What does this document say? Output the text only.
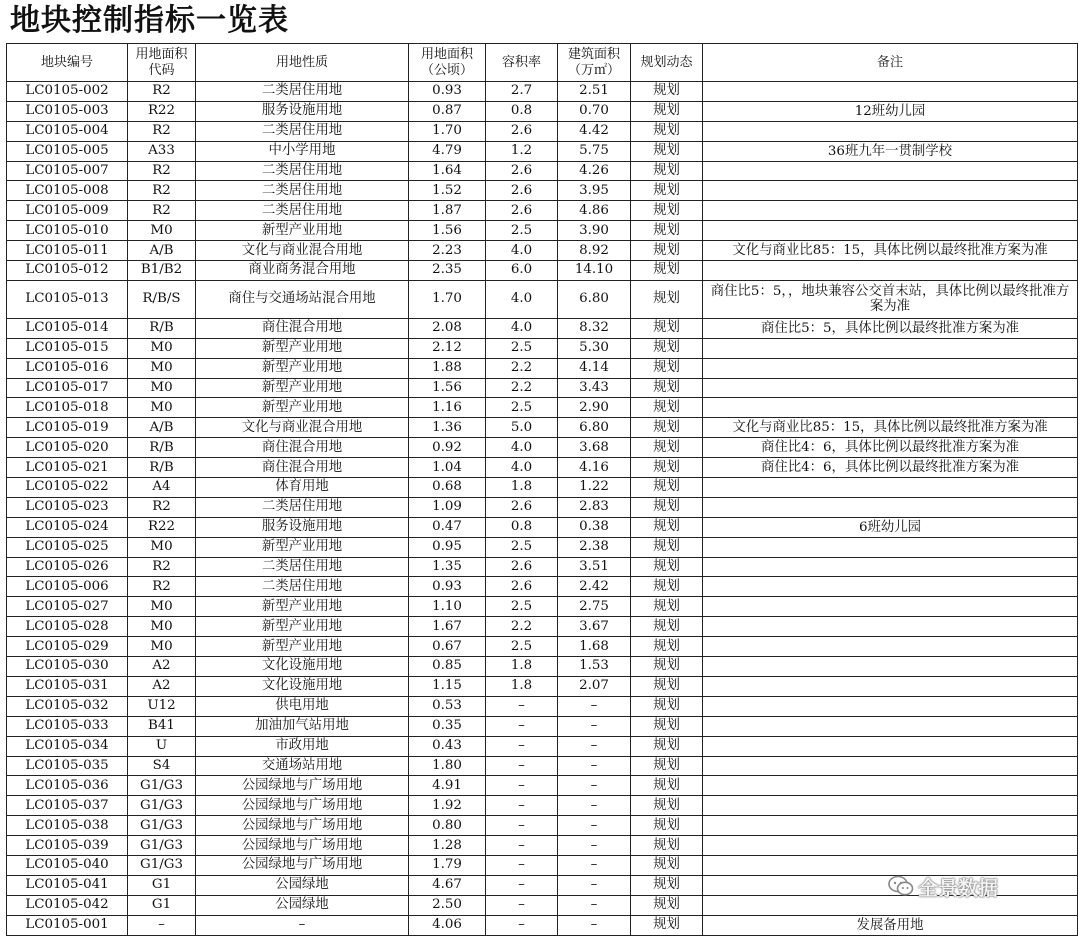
地块控制指标一览表
地块编号	用地面积代码	用地性质	用地面积（公顷）	容积率	建筑面积（万㎡）	规划动态	备注
LC0105-002	R2	二类居住用地	0.93	2.7	2.51	规划	
LC0105-003	R22	服务设施用地	0.87	0.8	0.70	规划	12班幼儿园
LC0105-004	R2	二类居住用地	1.70	2.6	4.42	规划	
LC0105-005	A33	中小学用地	4.79	1.2	5.75	规划	36班九年一贯制学校
LC0105-007	R2	二类居住用地	1.64	2.6	4.26	规划	
LC0105-008	R2	二类居住用地	1.52	2.6	3.95	规划	
LC0105-009	R2	二类居住用地	1.87	2.6	4.86	规划	
LC0105-010	M0	新型产业用地	1.56	2.5	3.90	规划	
LC0105-011	A/B	文化与商业混合用地	2.23	4.0	8.92	规划	文化与商业比85：15，具体比例以最终批准方案为准
LC0105-012	B1/B2	商业商务混合用地	2.35	6.0	14.10	规划	
LC0105-013	R/B/S	商住与交通场站混合用地	1.70	4.0	6.80	规划	商住比5：5，，地块兼容公交首末站，具体比例以最终批准方案为准
LC0105-014	R/B	商住混合用地	2.08	4.0	8.32	规划	商住比5：5，具体比例以最终批准方案为准
LC0105-015	M0	新型产业用地	2.12	2.5	5.30	规划	
LC0105-016	M0	新型产业用地	1.88	2.2	4.14	规划	
LC0105-017	M0	新型产业用地	1.56	2.2	3.43	规划	
LC0105-018	M0	新型产业用地	1.16	2.5	2.90	规划	
LC0105-019	A/B	文化与商业混合用地	1.36	5.0	6.80	规划	文化与商业比85：15，具体比例以最终批准方案为准
LC0105-020	R/B	商住混合用地	0.92	4.0	3.68	规划	商住比4：6，具体比例以最终批准方案为准
LC0105-021	R/B	商住混合用地	1.04	4.0	4.16	规划	商住比4：6，具体比例以最终批准方案为准
LC0105-022	A4	体育用地	0.68	1.8	1.22	规划	
LC0105-023	R2	二类居住用地	1.09	2.6	2.83	规划	
LC0105-024	R22	服务设施用地	0.47	0.8	0.38	规划	6班幼儿园
LC0105-025	M0	新型产业用地	0.95	2.5	2.38	规划	
LC0105-026	R2	二类居住用地	1.35	2.6	3.51	规划	
LC0105-006	R2	二类居住用地	0.93	2.6	2.42	规划	
LC0105-027	M0	新型产业用地	1.10	2.5	2.75	规划	
LC0105-028	M0	新型产业用地	1.67	2.2	3.67	规划	
LC0105-029	M0	新型产业用地	0.67	2.5	1.68	规划	
LC0105-030	A2	文化设施用地	0.85	1.8	1.53	规划	
LC0105-031	A2	文化设施用地	1.15	1.8	2.07	规划	
LC0105-032	U12	供电用地	0.53	–	–	规划	
LC0105-033	B41	加油加气站用地	0.35	–	–	规划	
LC0105-034	U	市政用地	0.43	–	–	规划	
LC0105-035	S4	交通场站用地	1.80	–	–	规划	
LC0105-036	G1/G3	公园绿地与广场用地	4.91	–	–	规划	
LC0105-037	G1/G3	公园绿地与广场用地	1.92	–	–	规划	
LC0105-038	G1/G3	公园绿地与广场用地	0.80	–	–	规划	
LC0105-039	G1/G3	公园绿地与广场用地	1.28	–	–	规划	
LC0105-040	G1/G3	公园绿地与广场用地	1.79	–	–	规划	
LC0105-041	G1	公园绿地	4.67	–	–	规划	
LC0105-042	G1	公园绿地	2.50	–	–	规划	
LC0105-001	–	–	4.06	–	–	规划	发展备用地
全景数据
